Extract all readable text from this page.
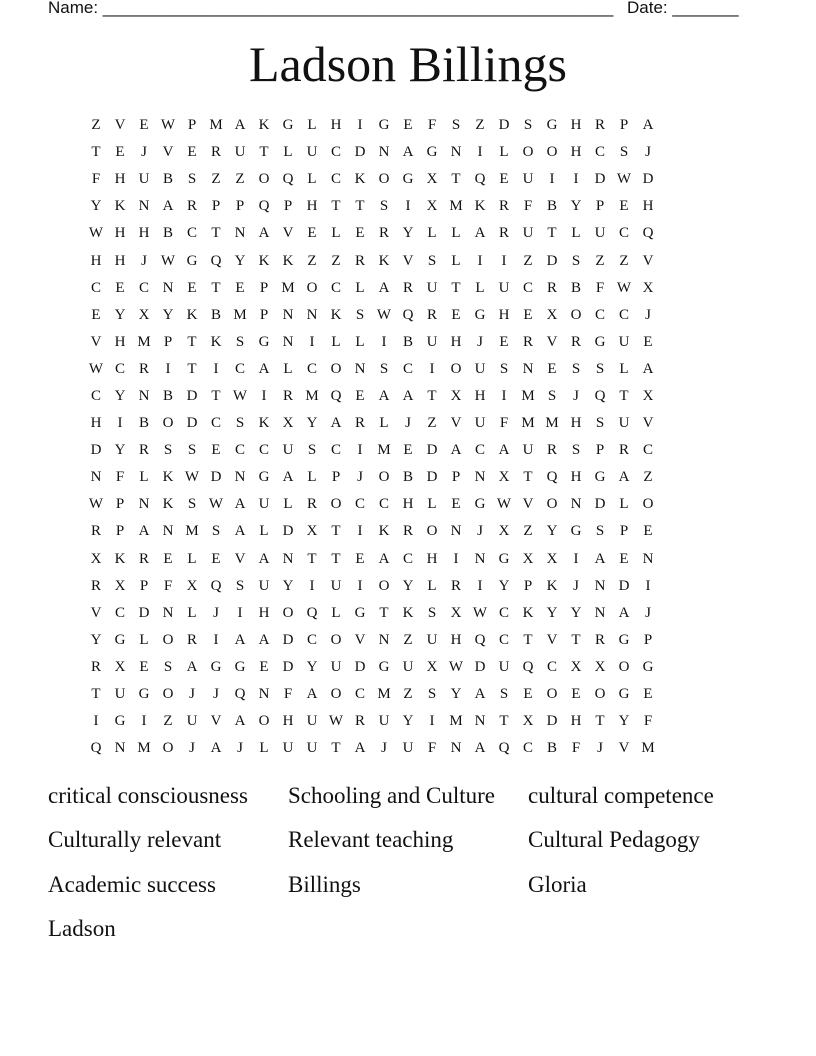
Name: ______________________________________________________ Date: _______
Ladson Billings
Z V E W P M A K G L H	I	G E	F	S	Z D S G H R P A
T E	J	V E R U T L U C D N A G N	I	L O O H C S	J
F H U B S	Z Z O Q L C K O G X T Q E U	I	I	D W D
Y K N A R P	P Q P H T T	S	I	X M K R F B Y P	E H
W H H B C T N A V E L E R Y L L A R U T L U C Q
H H	J W G Q Y K K Z Z R K V S	L	I	I	Z D S	Z Z V
C E C N E T E	P M O C L A R U T L U C R B F W X
E Y X Y K B M P N N K S W Q R E G H E X O C C	J
V H M P	T K S G N	I	L L	I	B U H	J	E R V R G U E
W C R	I	T	I	C A L C O N S C	I	O U S N E	S	S	L A
C Y N B D T W I	R M Q E A A T X H	I M S	J	Q T X
H	I	B O D C S K X Y A R L	J	Z V U F M M H S U V
D Y R S	S	E C C U S C	I M E D A C A U R S	P R C
N F	L K W D N G A L	P	J	O B D P N X T Q H G A Z
W P N K S W A U L R O C C H L E G W V O N D L O
R P A N M S A L D X T	I	K R O N	J	X Z Y G S	P	E
X K R E L E V A N T T E A C H	I	N G X X	I	A E N
R X P	F X Q S U Y	I	U	I	O Y L R	I	Y P K	J	N D	I
V C D N L	J	I	H O Q L G T K S X W C K Y Y N A	J
Y G L O R	I	A A D C O V N Z U H Q C T V T R G P
R X E	S A G G E D Y U D G U X W D U Q C X X O G
T U G O	J	J	Q N F A O C M Z	S Y A S	E O E O G E
I	G	I	Z U V A O H U W R U Y	I M N T X D H T Y F
Q N M O	J	A	J	L U U T A	J	U F N A Q C B F	J	V M
critical consciousness	Schooling and Culture	cultural competence
Culturally relevant	Relevant teaching	Cultural Pedagogy
Academic success	Billings	Gloria
Ladson
